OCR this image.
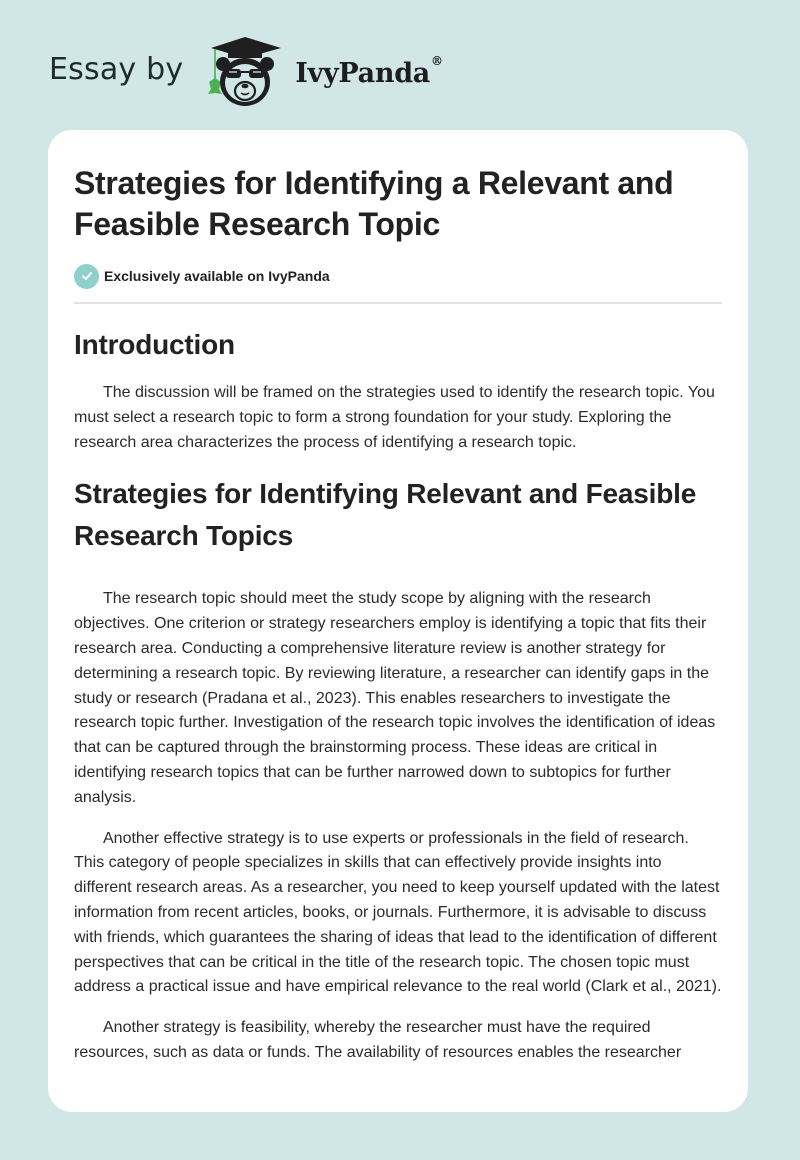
Essay by	IvyPanda®
Strategies for Identifying a Relevant and Feasible Research Topic
Exclusively available on IvyPanda
Introduction

The discussion will be framed on the strategies used to identify the research topic. You must select a research topic to form a strong foundation for your study. Exploring the research area characterizes the process of identifying a research topic.

Strategies for Identifying Relevant and Feasible Research Topics

The research topic should meet the study scope by aligning with the research objectives. One criterion or strategy researchers employ is identifying a topic that fits their research area. Conducting a comprehensive literature review is another strategy for determining a research topic. By reviewing literature, a researcher can identify gaps in the study or research (Pradana et al., 2023). This enables researchers to investigate the research topic further. Investigation of the research topic involves the identification of ideas that can be captured through the brainstorming process. These ideas are critical in identifying research topics that can be further narrowed down to subtopics for further analysis.

Another effective strategy is to use experts or professionals in the field of research. This category of people specializes in skills that can effectively provide insights into different research areas. As a researcher, you need to keep yourself updated with the latest information from recent articles, books, or journals. Furthermore, it is advisable to discuss with friends, which guarantees the sharing of ideas that lead to the identification of different perspectives that can be critical in the title of the research topic. The chosen topic must address a practical issue and have empirical relevance to the real world (Clark et al., 2021).

Another strategy is feasibility, whereby the researcher must have the required resources, such as data or funds. The availability of resources enables the researcher
